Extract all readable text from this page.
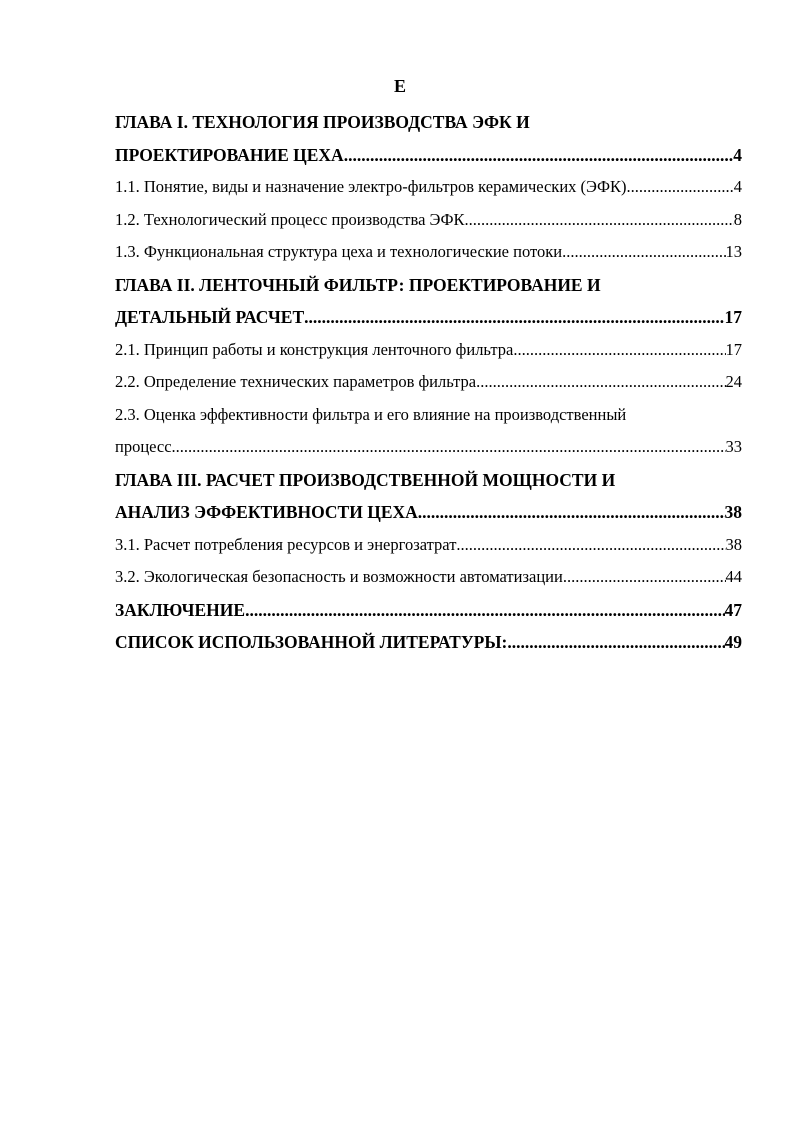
Е
ГЛАВА I. ТЕХНОЛОГИЯ ПРОИЗВОДСТВА ЭФК И
ПРОЕКТИРОВАНИЕ ЦЕХА .....	4
1.1. Понятие, виды и назначение электро-фильтров керамических (ЭФК) .....	4
1.2. Технологический процесс производства ЭФК .....	8
1.3. Функциональная структура цеха и технологические потоки .....	13
ГЛАВА II. ЛЕНТОЧНЫЙ ФИЛЬТР: ПРОЕКТИРОВАНИЕ И
ДЕТАЛЬНЫЙ РАСЧЕТ .....	17
2.1. Принцип работы и конструкция ленточного фильтра .....	17
2.2. Определение технических параметров фильтра .....	24
2.3. Оценка эффективности фильтра и его влияние на производственный
процесс .....	33
ГЛАВА III. РАСЧЕТ ПРОИЗВОДСТВЕННОЙ МОЩНОСТИ И
АНАЛИЗ ЭФФЕКТИВНОСТИ ЦЕХА .....	38
3.1. Расчет потребления ресурсов и энергозатрат .....	38
3.2. Экологическая безопасность и возможности автоматизации .....	44
ЗАКЛЮЧЕНИЕ .....	47
СПИСОК ИСПОЛЬЗОВАННОЙ ЛИТЕРАТУРЫ: .....	49
